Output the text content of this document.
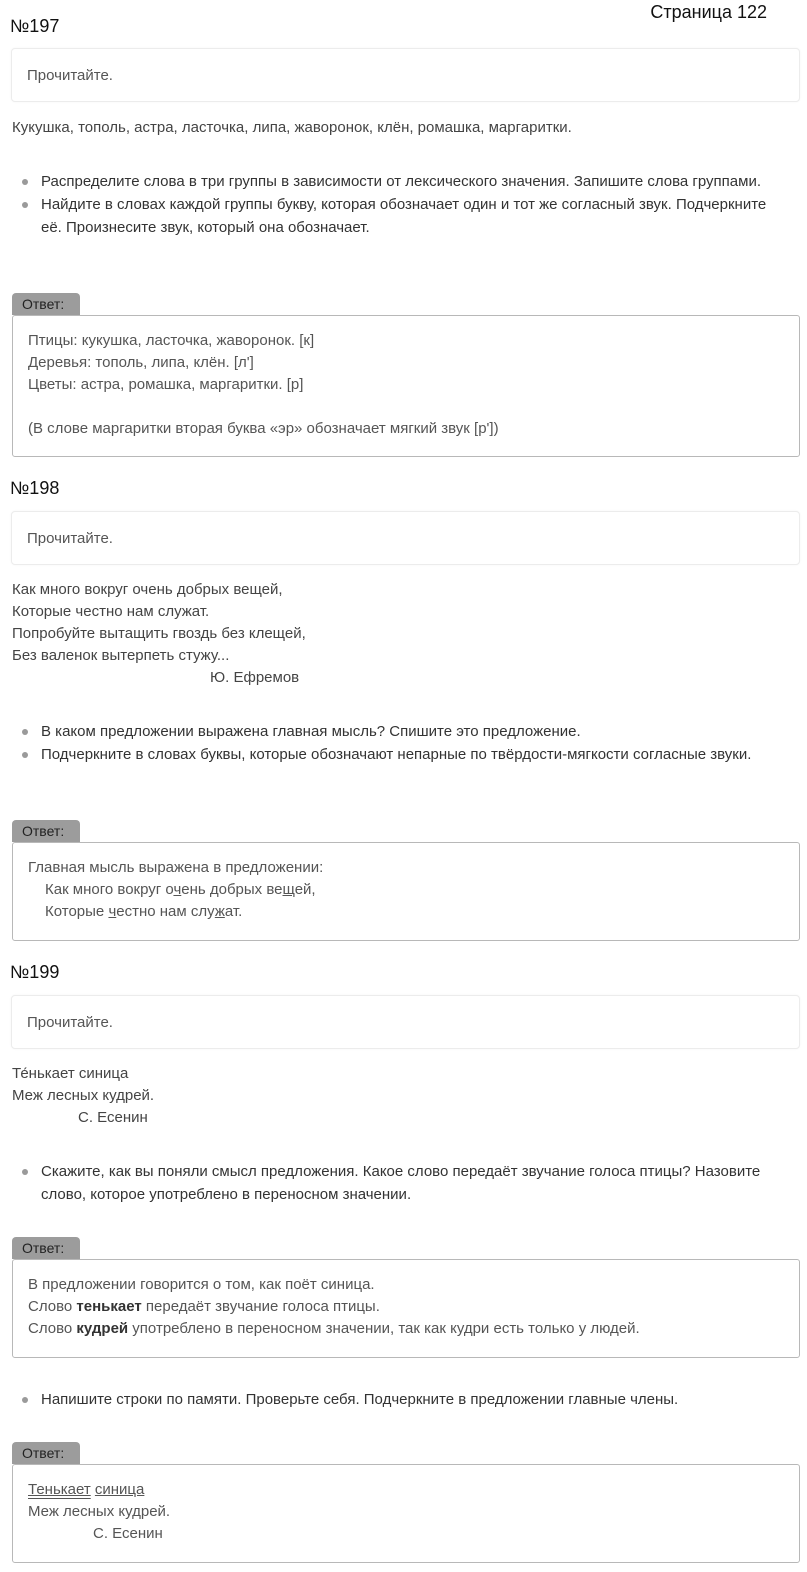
№197
Страница 122
Прочитайте.
Кукушка, тополь, астра, ласточка, липа, жаворонок, клён, ромашка, маргаритки.
Распределите слова в три группы в зависимости от лексического значения. Запишите слова группами.
Найдите в словах каждой группы букву, которая обозначает один и тот же согласный звук. Подчеркните её. Произнесите звук, который она обозначает.
Ответ:
Птицы: кукушка, ласточка, жаворонок. [к]
Деревья: тополь, липа, клён. [л']
Цветы: астра, ромашка, маргаритки. [р]
(В слове маргаритки вторая буква «эр» обозначает мягкий звук [р'])
№198
Прочитайте.
Как много вокруг очень добрых вещей,
Которые честно нам служат.
Попробуйте вытащить гвоздь без клещей,
Без валенок вытерпеть стужу...
Ю. Ефремов
В каком предложении выражена главная мысль? Спишите это предложение.
Подчеркните в словах буквы, которые обозначают непарные по твёрдости-мягкости согласные звуки.
Ответ:
Главная мысль выражена в предложении:
Как много вокруг очень добрых вещей,
Которые честно нам служат.
№199
Прочитайте.
Те́нькает синица
Меж лесных кудрей.
С. Есенин
Скажите, как вы поняли смысл предложения. Какое слово передаёт звучание голоса птицы? Назовите слово, которое употреблено в переносном значении.
Ответ:
В предложении говорится о том, как поёт синица.
Слово тенькает передаёт звучание голоса птицы.
Слово кудрей употреблено в переносном значении, так как кудри есть только у людей.
Напишите строки по памяти. Проверьте себя. Подчеркните в предложении главные члены.
Ответ:
Тенькает синица
Меж лесных кудрей.
С. Есенин
